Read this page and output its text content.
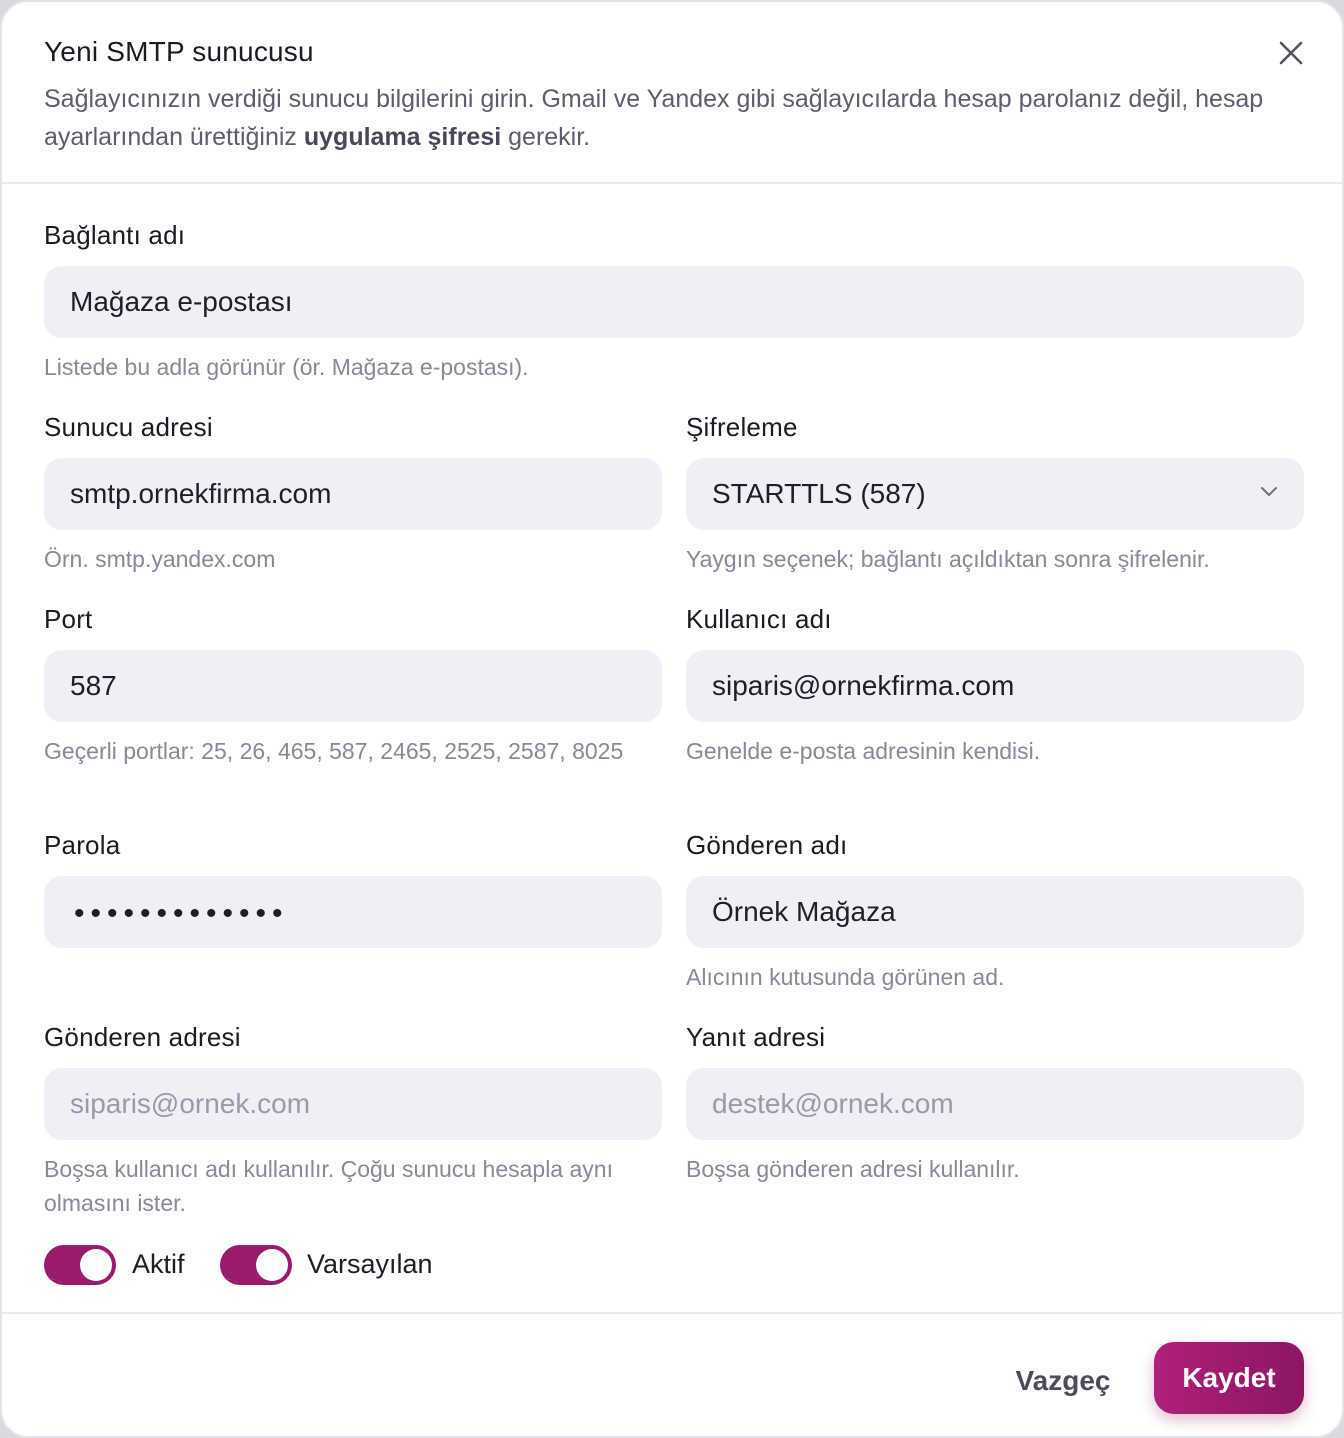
Yeni SMTP sunucusu
Sağlayıcınızın verdiği sunucu bilgilerini girin. Gmail ve Yandex gibi sağlayıcılarda hesap parolanız değil, hesap ayarlarından ürettiğiniz uygulama şifresi gerekir.
Bağlantı adı
Mağaza e-postası
Listede bu adla görünür (ör. Mağaza e-postası).
Sunucu adresi
smtp.ornekfirma.com
Örn. smtp.yandex.com
Şifreleme
STARTTLS (587)
Yaygın seçenek; bağlantı açıldıktan sonra şifrelenir.
Port
587
Geçerli portlar: 25, 26, 465, 587, 2465, 2525, 2587, 8025
Kullanıcı adı
siparis@ornekfirma.com
Genelde e-posta adresinin kendisi.
Parola
•••••••••••••
Gönderen adı
Örnek Mağaza
Alıcının kutusunda görünen ad.
Gönderen adresi
siparis@ornek.com
Boşsa kullanıcı adı kullanılır. Çoğu sunucu hesapla aynı olmasını ister.
Yanıt adresi
destek@ornek.com
Boşsa gönderen adresi kullanılır.
Aktif	Varsayılan
Vazgeç	Kaydet
